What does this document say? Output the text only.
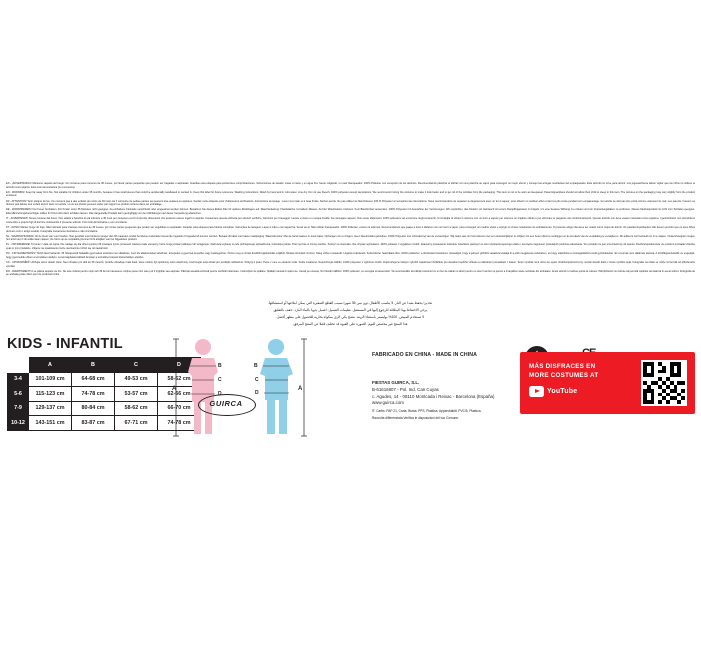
ES - ¡ADVERTENCIA! Mantener alejado del fuego. No conviene para menores de 36 meses, por llevar partes pequeñas que pueden ser tragadas o aspiradas. Guardas esta etiqueta para posteriores comprobaciones. Instrucciones de lavado: Lavar a mano y en agua fría. Secar colgando, no usar blanqueador. 100% Poliester con excepción de los adornos. Recomendamos planchar el disfraz con una plancha de vapor para conseguir un mejor efecto y consejo las arrugas resultantes del empaquetado. Este artículo no sirve para dormir. Los juguetes/fuera deben vigilar que los niños no utilicen el artículo como pijama. Esto solo demostrativa (no encuentra).

EN - WARNING! Keep far away from fire. Not suitable for children under 36 months, because it has small pieces that could be accidentally swallowed or sucked in. Keep this label for future reference. Washing instructions: Wash by hand and in cold water. Line dry. Do not use bleach. 100% polyester except decorations. We recommend ironing the costume to make it look better and to get rid of the wrinkles from the packaging. This item is not to be worn as sleepwear. Parents/guardians should not allow their child to sleep in this item. The pictures on the packaging may vary slightly from the product enclosed.

FR - ATTENTION! Tenir éloigné du feu. Ne convient pas à des enfants de moins de 36 mois car il comporte de petites parties qui peuvent être avalées ou aspirées. Garder cette étiquette pour d'ultérieures vérifications. Instructions de lavage : Laver à la main et à l'eau froide. Sécher pendu. Ne pas utiliser de blanchisseur. 100 % Polyester à l'exception des décorations. Nous recommandons de repasser le déguisement avec un fer à vapeur, pour obtenir un meilleur effet et ôter les plis créés pendant son empaquetage. Cet article ne doit pas être porté comme vêtement de nuit. Les parents / tuteurs ne doivent pas laisser leur enfant dormir dans cet article. La ou les photos peuvent varier par rapport au produit contenu dans cet emballage.

DE - WARNHINWEIS! Von Feuer fernhalten. Für Kinder unter 36 Monaten nicht geeignet, da enthaltene Kleinteile verschluckt oder eingeatmet werden können. Bewahren Sie dieses Etikett bitte für spätere Rückfragen auf. Waschanleitung: Handwäsche mit kaltem Wasser. Auf der Wäscheleine trocknen. Kein Bleichmittel verwenden. 100% Polyester mit Ausnahme der Verzierungen. Wir empfehlen, das Kostüm vor Gebrauch mit einem Dampfbügeleisen zu bügeln, um eine bessere Wirkung zu erzielen und um Verpackungsfalten zu entfernen. Dieses Kleidungsstück ist nicht zum Schlafen geeignet. Eltern/Erziehungsberechtigte sollten ihr Kind nicht darin schlafen lassen. Das dargestellte Produkt kann geringfügig von den Abbildungen auf dieser Verpackung abweichen.

IT - AVVERTENZA! Tenere lontano dal fuoco. Non adatto a bambini di età inferiore a 36 mesi per contenere pezzi di piccole dimensioni che possono essere ingeriti o aspirati. Conservare questa etichetta per ulteriori verifiche. Istruzioni per il lavaggio: Lavare a mano e in acqua fredda. Far asciugare appeso. Non usare sbiancanti. 100% poliestere ad eccezione degli ornamenti. Si consiglia di stirare il costume con un ferro a vapore per ottenere un migliore effetto e per eliminare le piegature del confezionamento. Questo articolo non deve essere indossato come pigiama. I genitori/tutori non dovrebbero consentire a proprio figli di dormire indossando il presente articolo. Foto solo dimostrativa e non vincolante.

PT - AVISO! Manter longe do fogo. Não indicado para crianças menores de 36 meses, por conter partes pequenas que podem ser engolidas ou aspiradas. Guardar esta etiqueta para futuras consultas. Instruções de lavagem: Lavar à mão e com água fria. Secar ao ar. Não utilizar branqueador. 100% Poliéster, exceto os adornos. Recomendamos que passe a ferro o disfarce com um ferro a vapor, para conseguir um melhor efeito e corrigir os vincos resultantes do embalamento. O presente artigo não deve ser usado como roupa de dormir. Os pais/acompanhantes não devem permitir que os seus filhos durmam com o artigo vestido. Fotografia meramente ilustrativa e não vinculativa.

NL - WAARSCHUWING! Uit de buurt van vuur houden. Niet geschikt voor kinderen jonger dan 36 maanden omdat het kleine onderdelen bevat die ingeslikt of ingeademd kunnen worden. Bewaar dit label voor latere raadpleging. Wasinstructies: Met de hand wassen in koud water. Ophangen om te drogen. Geen bleekmiddel gebruiken. 100% Polyester met uitzondering van de versieringen. Wij raden aan om het kostuum met een stoomstrijkijzer te strijken om een beter effect te verkrijgen en de kreukels van de verpakking te verwijderen. Dit artikel is niet bedoeld om in te slapen. Ouders/voogden mogen hun kind niet in dit artikel laten slapen. De foto's op de verpakking kunnen licht afwijken van het bijgesloten product.

PL - OSTRZEŻENIE! Trzymać z dala od ognia. Nie nadaje się dla dzieci poniżej 36 miesiąca życia, ponieważ zawiera małe elementy, które mogą zostać połknięte lub wciągnięte. Zachowaj etykietę w celu późniejszego sprawdzenia. Instrukcja prania: Prać ręcznie w zimnej wodzie. Suszyć na wieszaku. Nie używać wybielacza. 100% poliester z wyjątkiem ozdób. Zalecamy prasowanie kostiumu żelazkiem parowym w celu uzyskania lepszego efektu i usunięcia zagnieceń powstałych podczas pakowania. Ten produkt nie jest przeznaczony do spania. Rodzice/opiekunowie nie powinni pozwalać dziecku spać w tym produkcie. Zdjęcie na opakowaniu może nieznacznie różnić się od zawartości.

HU - FIGYELMEZTETÉS! Tűztől távol tartandó. 36 hónaposnál fiatalabb gyermekek számára nem alkalmas, mert kis alkatrészeket tartalmaz, amelyeket a gyermek lenyelhet vagy belélegezhet. Őrizze meg a címkét későbbi tájékozódás céljából. Mosási útmutató: Kézzel, hideg vízben mosandó. Lógatva szárítandó. Fehérítőszer használata tilos. 100% poliészter, a díszítések kivételével. Javasoljuk, hogy a jelmezt gőzölős vasalóval vasalja ki a jobb megjelenés érdekében, és hogy eltávolítsa a csomagolásból eredő gyűrődéseket. Ez a termék nem alkalmas alvásra. A szülők/gondviselők ne engedjék, hogy gyermekük ebben a termékben aludjon. A csomagoláson látható fénykép a termékhez képest kismértékben eltérhet.

CS - UPOZORNĚNÍ! Udržujte mimo dosah ohně. Není vhodné pro děti do 36 měsíců, protože obsahuje malé části, které mohou být spolknuty nebo vdechnuty. Uschovejte tento štítek pro pozdější nahlédnutí. Pokyny k praní: Perte v ruce ve studené vodě. Sušte zavěšené. Nepoužívejte bělidlo. 100% polyester s výjimkou ozdob. Doporučujeme kostým vyžehlit napařovací žehličkou pro dosažení lepšího vzhledu a odstranění pomačkání z balení. Tento výrobek není určen ke spaní. Rodiče/opatrovníci by neměli dovolit dítěti v tomto výrobku spát. Fotografie na obalu se může mírně lišit od přiloženého výrobku.

RO - AVERTISMENT! A se păstra departe de foc. Nu este indicat pentru copii sub 36 de luni deoarece conține piese mici care pot fi înghițite sau aspirate. Păstrați această etichetă pentru verificări ulterioare. Instrucțiuni de spălare: Spălați manual în apă rece. Uscați pe umeraș. Nu folosiți înălbitor. 100% poliester, cu excepția ornamentelor. Vă recomandăm să călcați costumul cu un fier de călcat cu aburi pentru un efect mai bun și pentru a îndepărta cutele rezultate din ambalare. Acest articol nu trebuie purtat la culcare. Părinții/tutorii nu trebuie să permită copilului să doarmă în acest articol. Fotografia de pe ambalaj poate diferi ușor de produsul inclus.

تحذير! يحفظ بعيدا عن النار. لا يناسب الأطفال دون سن 36 شهرا بسبب القطع الصغيرة التي يمكن ابتلاعها أو استنشاقها.

يرجى الاحتفاظ بهذا البطاقة للرجوع إليها في المستقبل. تعليمات الغسيل: اغسل يدويا بالماء البارد. جفف بالتعليق.

لا تستخدم المبيض. 100% بوليستر باستثناء الزينة. ننصح بكي الزي بمكواة بخارية للحصول على مظهر أفضل.

هذا المنتج غير مخصص للنوم. الصورة على العبوة قد تختلف قليلا عن المنتج المرفق.

KIDS - INFANTIL
	A	B	C	D
3-4	101-109 cm	64-68 cm	49-53 cm	58-62 cm
5-6	115-123 cm	74-78 cm	53-57 cm	62-66 cm
7-9	129-137 cm	80-84 cm	58-62 cm	66-70 cm
10-12	143-151 cm	83-87 cm	67-71 cm	74-78 cm
A
B
C
D
A
B
C
D
GUIRCA
FABRICADO EN CHINA - MADE IN CHINA
FIESTAS GUIRCA, S.L.
B-61616807 - Pol. Ind. Can Cuyas
c. Agudes, 14 - 08110 Montcada i Reixac - Barcelona (España)
www.guirca.com
IT: Cartis: PAP 21, Carta, Busta: PPS, Plastica. Appendiabiti: PVC/5, Plastica.
Raccolta differenziata Verifica le disposizioni del tuo Comune.
MÁS DISFRACES EN
MORE COSTUMES AT
YouTube
